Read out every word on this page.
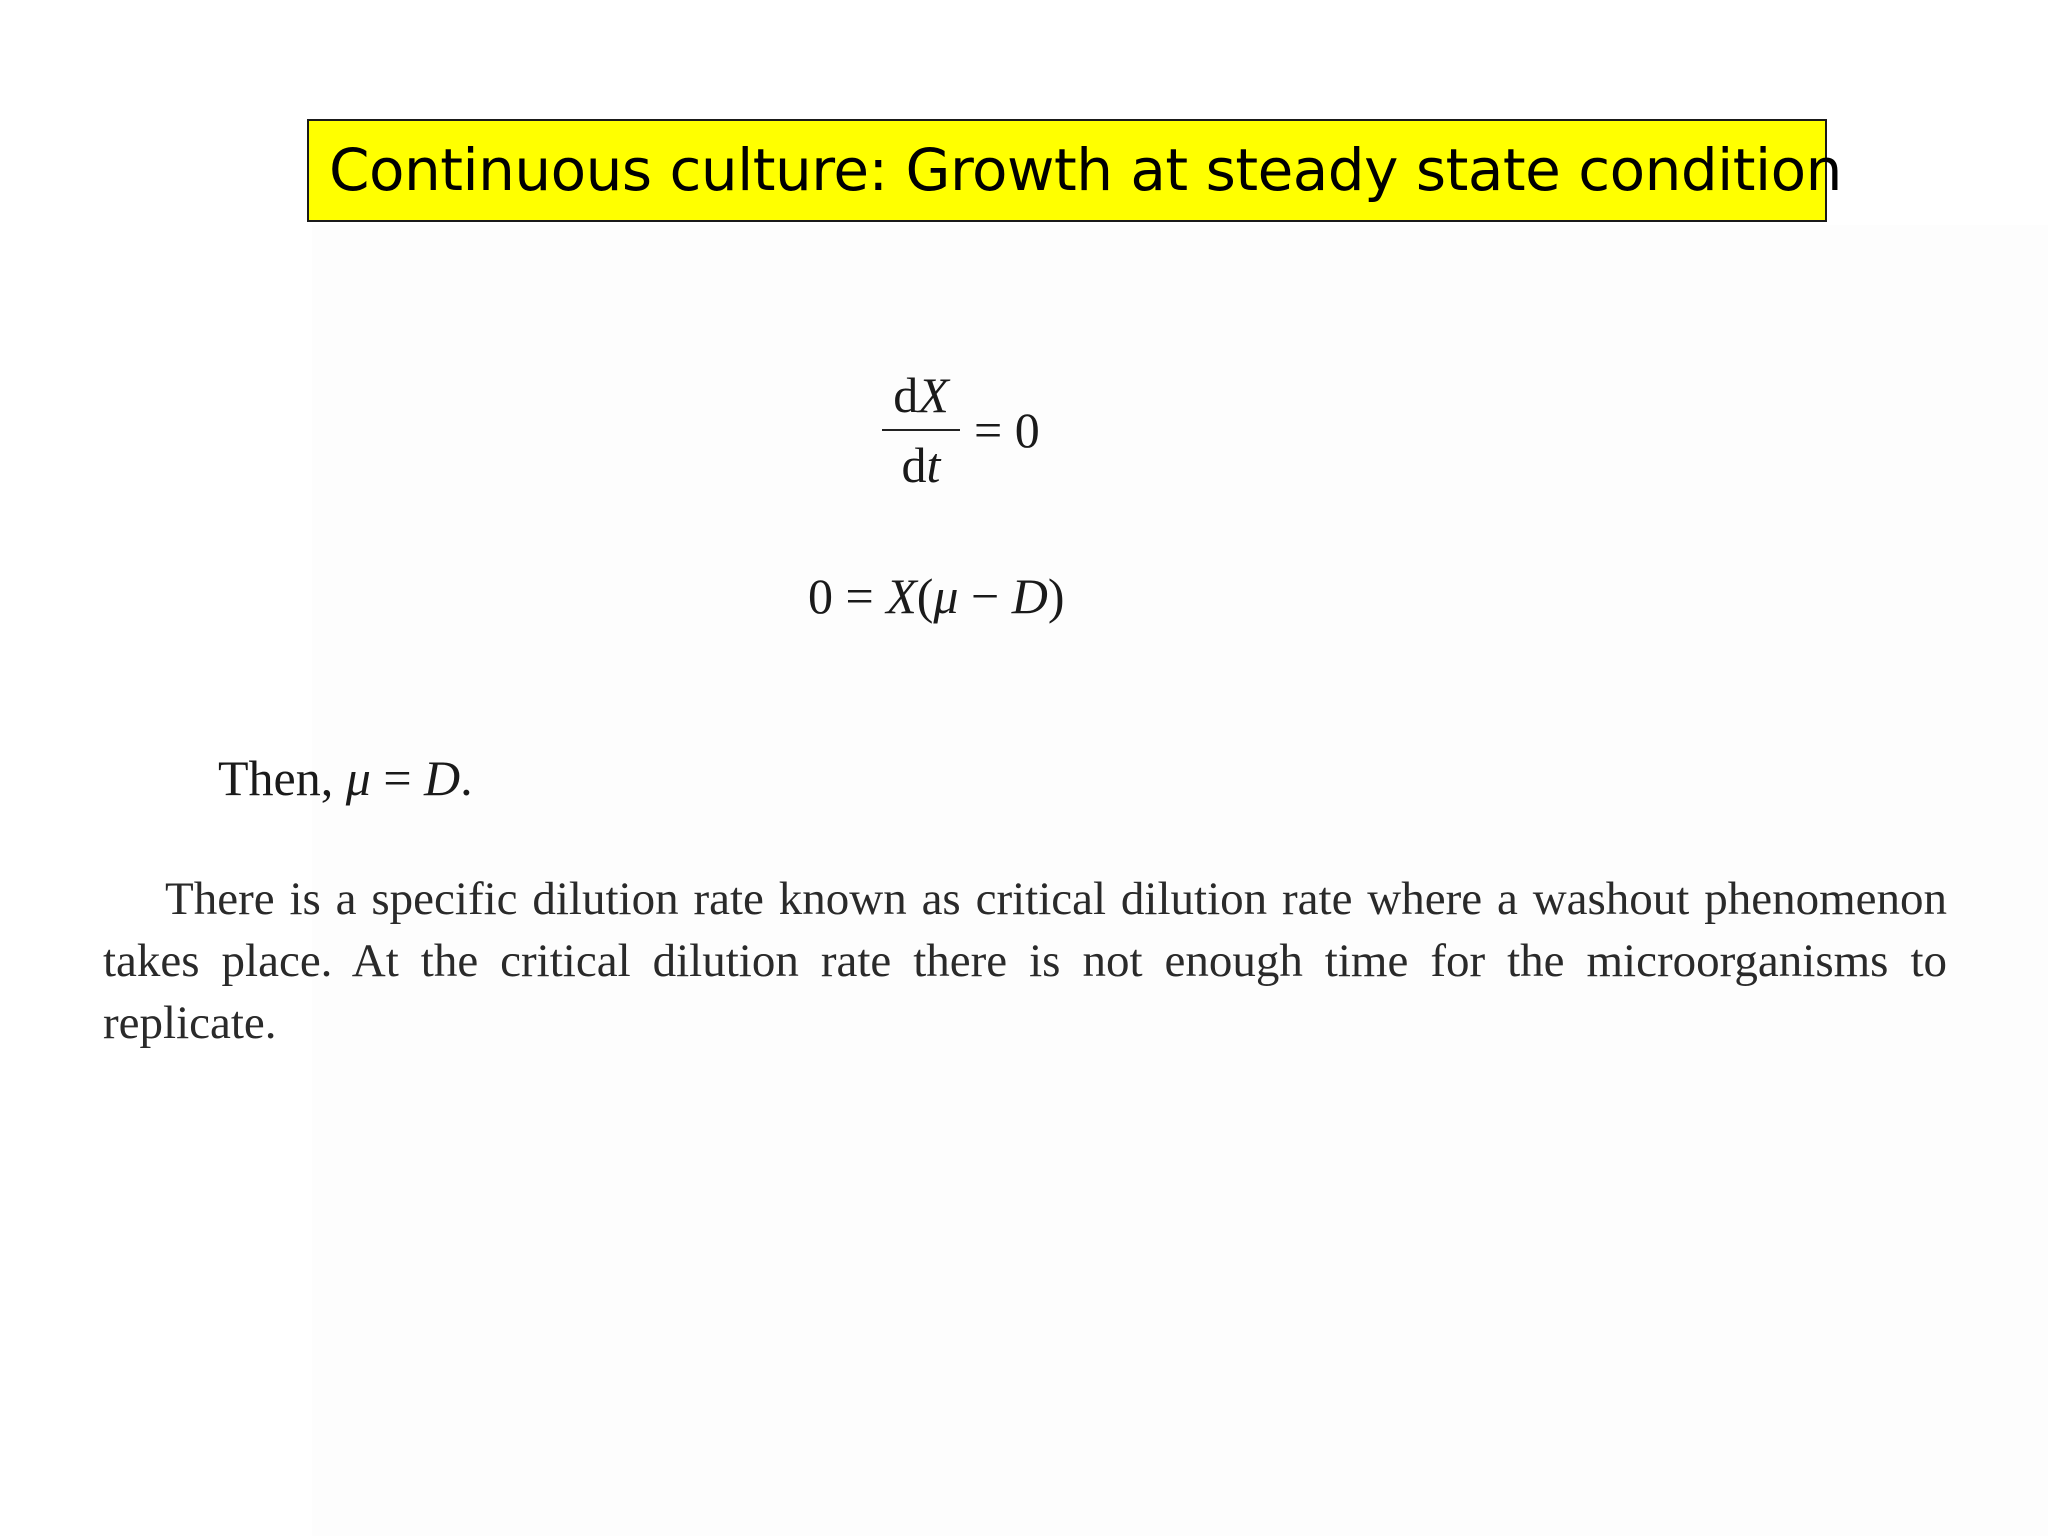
Continuous culture: Growth at steady state condition
$\frac{dX}{dt} = 0$
0 = X(μ − D)
Then, μ = D.
There is a specific dilution rate known as critical dilution rate where a washout phenomenon takes place. At the critical dilution rate there is not enough time for the microorganisms to replicate.
